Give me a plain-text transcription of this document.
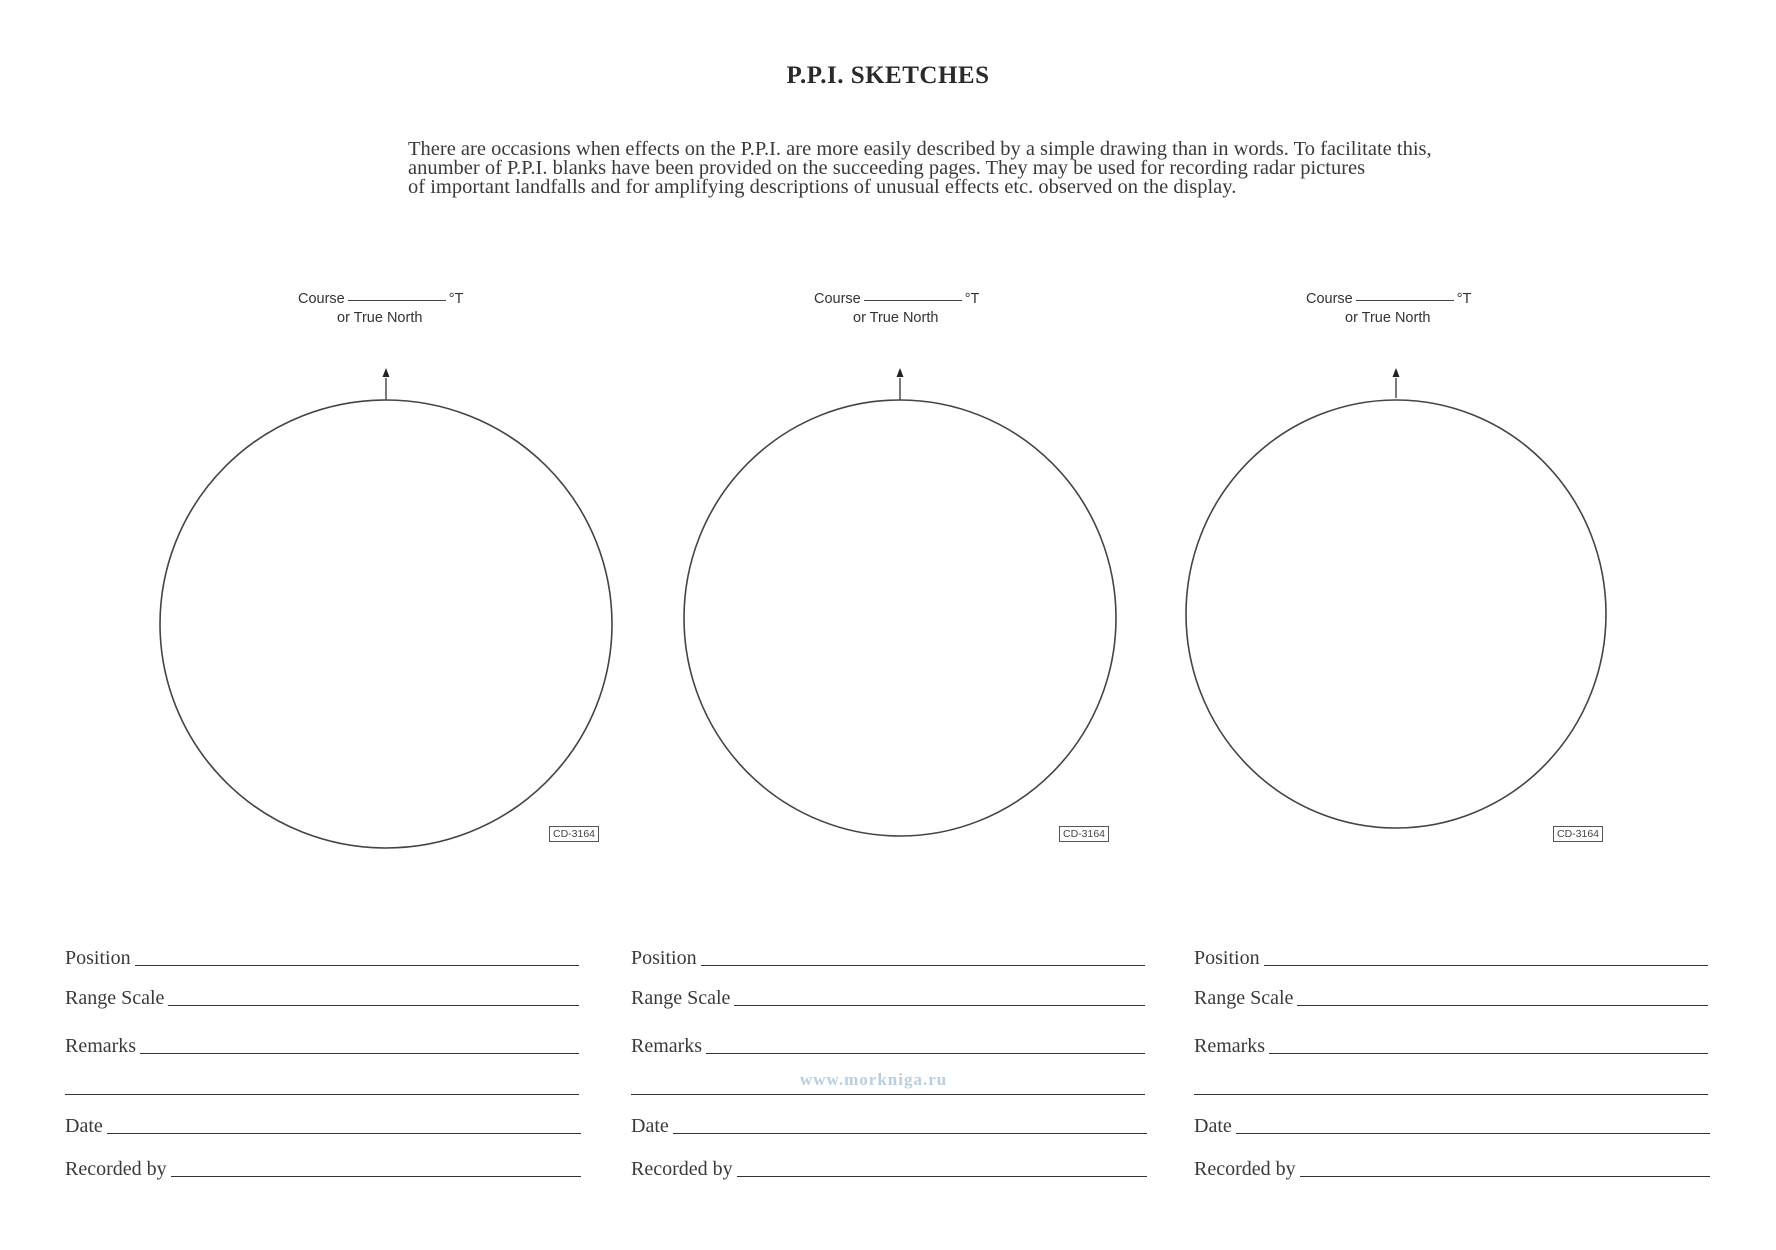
P.P.I. SKETCHES
There are occasions when effects on the P.P.I. are more easily described by a simple drawing than in words. To facilitate this,
anumber of P.P.I. blanks have been provided on the succeeding pages. They may be used for recording radar pictures
of important landfalls and for amplifying descriptions of unusual effects etc. observed on the display.
Course	°T
or True North
CD-3164
Course	°T
or True North
CD-3164
Course	°T
or True North
CD-3164
Position
Range Scale
Remarks
Date
Recorded by
Position
Range Scale
Remarks
Date
Recorded by
Position
Range Scale
Remarks
Date
Recorded by
www.morkniga.ru
